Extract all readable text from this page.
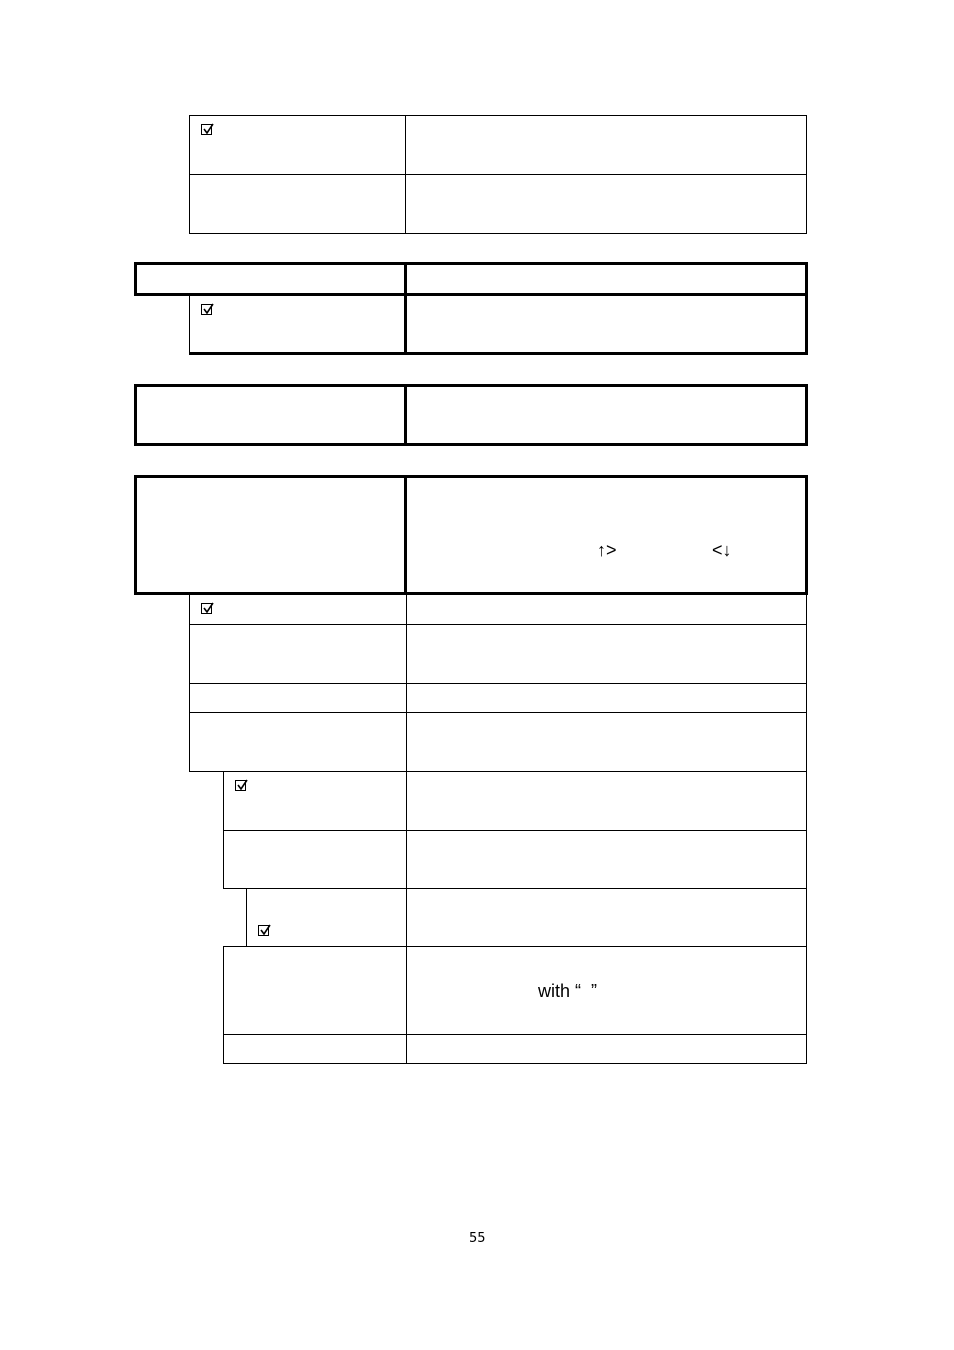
↑>	<↓
with “  ”
55
